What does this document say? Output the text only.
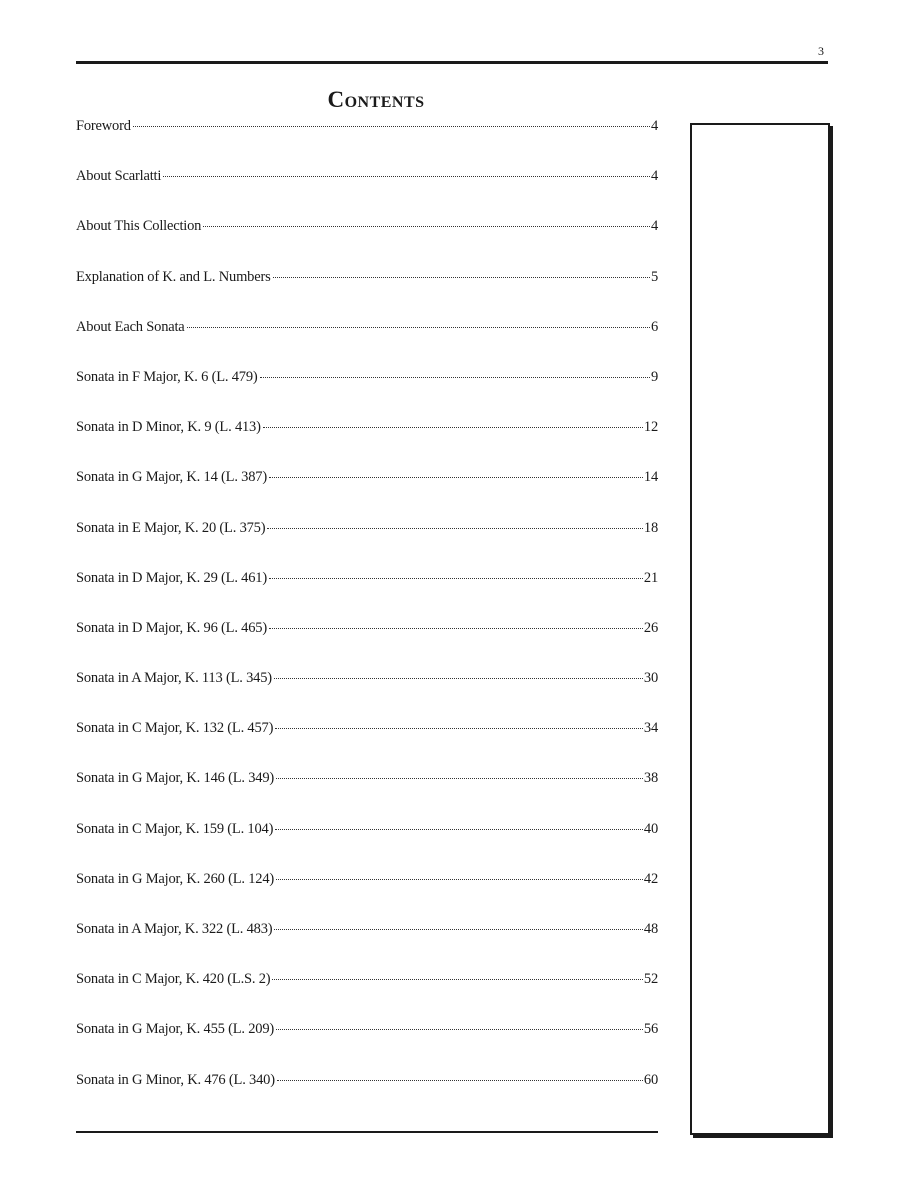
3
Contents
Foreword	4
About Scarlatti	4
About This Collection	4
Explanation of K. and L. Numbers	5
About Each Sonata	6
Sonata in F Major, K. 6 (L. 479)	9
Sonata in D Minor, K. 9 (L. 413)	12
Sonata in G Major, K. 14 (L. 387)	14
Sonata in E Major, K. 20 (L. 375)	18
Sonata in D Major, K. 29 (L. 461)	21
Sonata in D Major, K. 96 (L. 465)	26
Sonata in A Major, K. 113 (L. 345)	30
Sonata in C Major, K. 132 (L. 457)	34
Sonata in G Major, K. 146 (L. 349)	38
Sonata in C Major, K. 159 (L. 104)	40
Sonata in G Major, K. 260 (L. 124)	42
Sonata in A Major, K. 322 (L. 483)	48
Sonata in C Major, K. 420 (L.S. 2)	52
Sonata in G Major, K. 455 (L. 209)	56
Sonata in G Minor, K. 476 (L. 340)	60
